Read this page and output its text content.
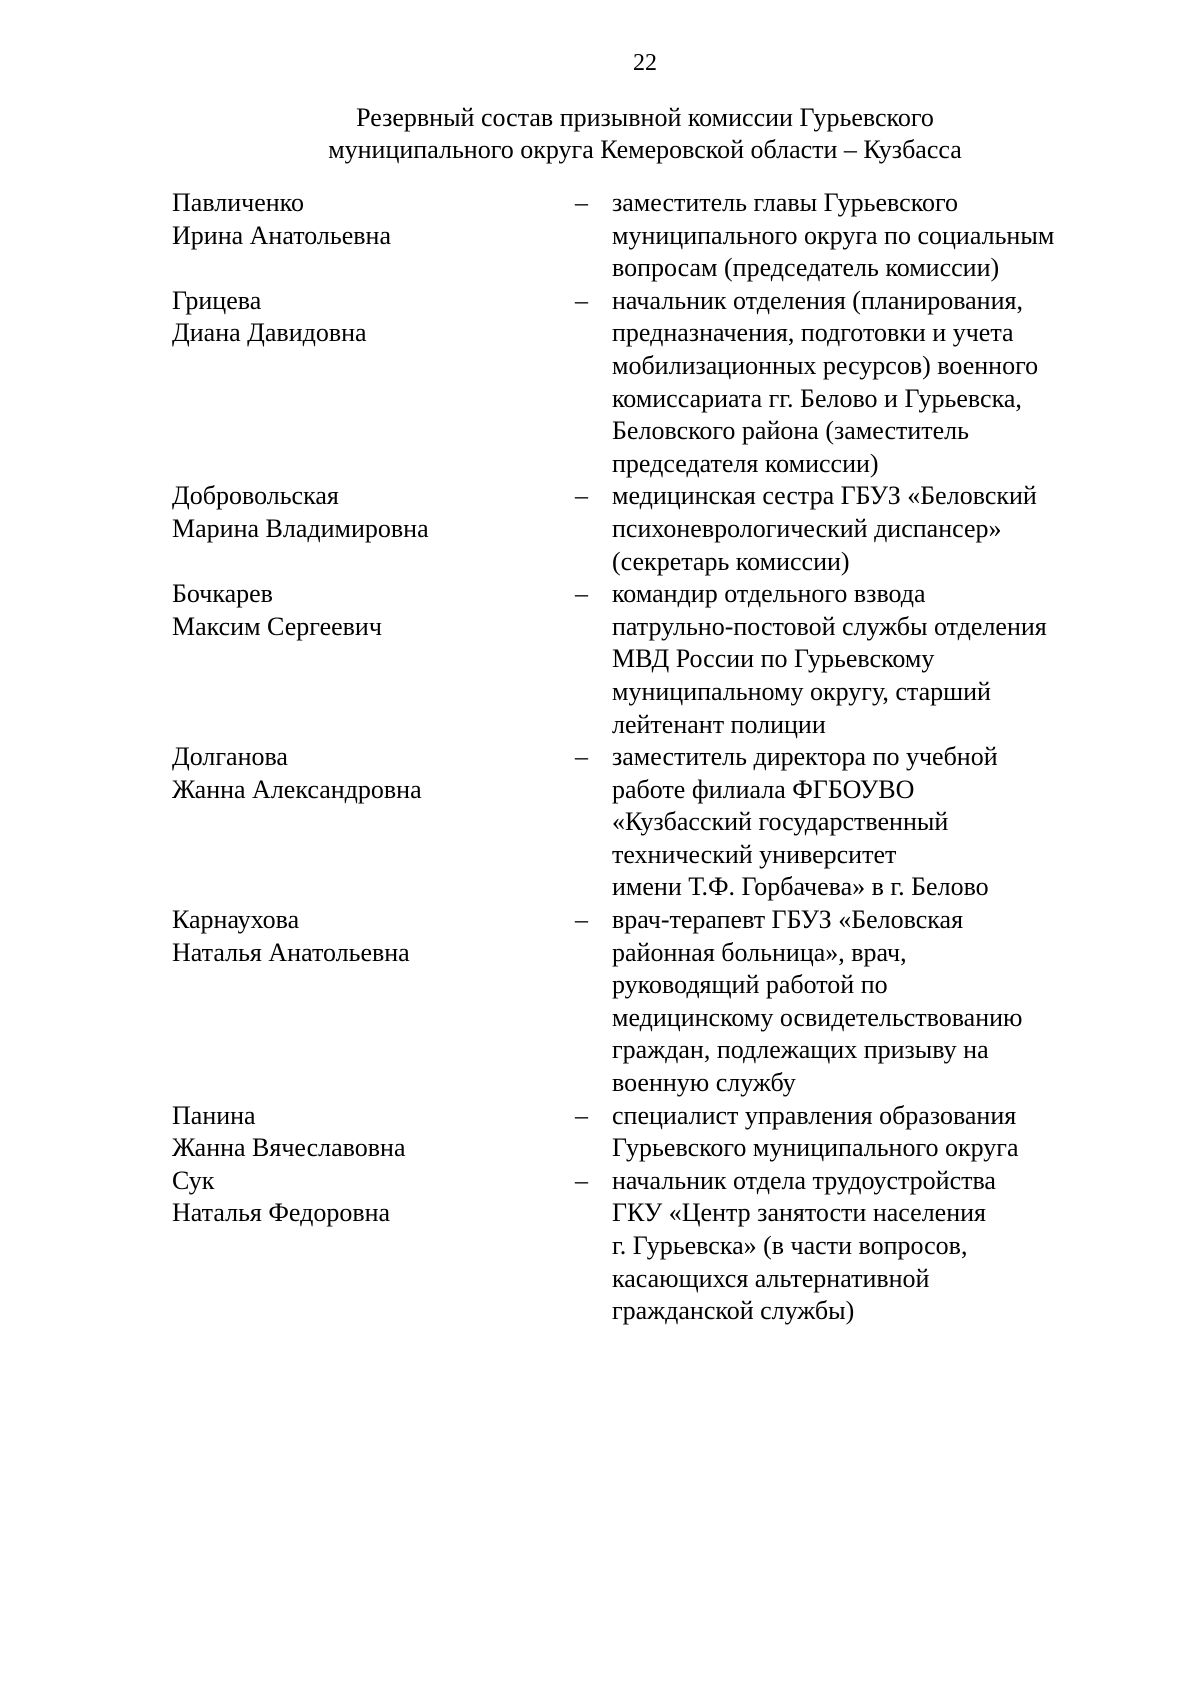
22
Резервный состав призывной комиссии Гурьевского
муниципального округа Кемеровской области – Кузбасса
Павличенко
Ирина Анатольевна
– заместитель главы Гурьевского
муниципального округа по социальным
вопросам (председатель комиссии)
Грицева
Диана Давидовна
– начальник отделения (планирования,
предназначения, подготовки и учета
мобилизационных ресурсов) военного
комиссариата гг. Белово и Гурьевска,
Беловского района (заместитель
председателя комиссии)
Добровольская
Марина Владимировна
– медицинская сестра ГБУЗ «Беловский
психоневрологический диспансер»
(секретарь комиссии)
Бочкарев
Максим Сергеевич
– командир отдельного взвода
патрульно-постовой службы отделения
МВД России по Гурьевскому
муниципальному округу, старший
лейтенант полиции
Долганова
Жанна Александровна
– заместитель директора по учебной
работе филиала ФГБОУВО
«Кузбасский государственный
технический университет
имени Т.Ф. Горбачева» в г. Белово
Карнаухова
Наталья Анатольевна
– врач-терапевт ГБУЗ «Беловская
районная больница», врач,
руководящий работой по
медицинскому освидетельствованию
граждан, подлежащих призыву на
военную службу
Панина
Жанна Вячеславовна
– специалист управления образования
Гурьевского муниципального округа
Сук
Наталья Федоровна
– начальник отдела трудоустройства
ГКУ «Центр занятости населения
г. Гурьевска» (в части вопросов,
касающихся альтернативной
гражданской службы)
